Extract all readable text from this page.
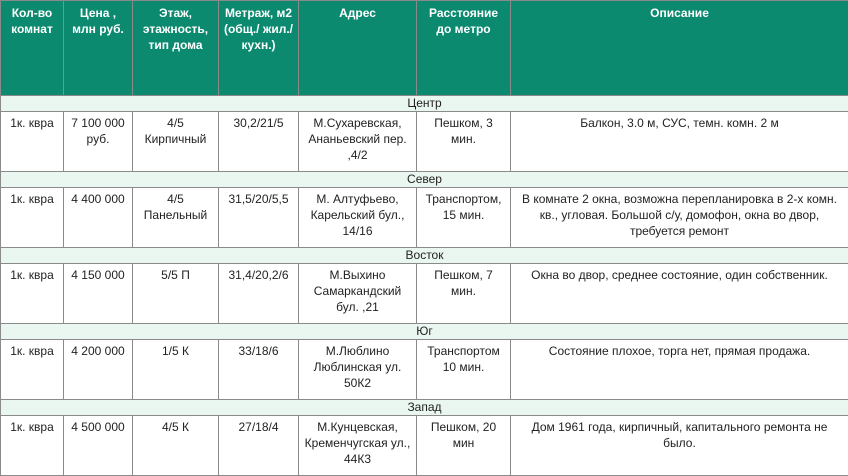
Кол-во комнат	Цена , млн руб.	Этаж, этажность, тип дома	Метраж, м2 (общ./ жил./ кухн.)	Адрес	Расстояние до метро	Описание
Центр						
1к. квра	7 100 000 руб.	4/5 Кирпичный	30,2/21/5	М.Сухаревская, Ананьевский пер. ,4/2	Пешком, 3 мин.	Балкон, 3.0 м, СУС, темн. комн. 2 м
Север						
1к. квра	4 400 000	4/5 Панельный	31,5/20/5,5	М. Алтуфьево, Карельский бул., 14/16	Транспортом, 15 мин.	В комнате 2 окна, возможна перепланировка в 2-х комн. кв., угловая. Большой с/у, домофон, окна во двор, требуется ремонт
Восток						
1к. квра	4 150 000	5/5 П	31,4/20,2/6	М.Выхино Самаркандский бул. ,21	Пешком, 7 мин.	Окна во двор, среднее состояние, один собственник.
Юг						
1к. квра	4 200 000	1/5 К	33/18/6	М.Люблино Люблинская ул. 50К2	Транспортом 10 мин.	Состояние плохое, торга нет, прямая продажа.
Запад						
1к. квра	4 500 000	4/5 К	27/18/4	М.Кунцевская, Кременчугская ул., 44К3	Пешком, 20 мин	Дом 1961 года, кирпичный, капитального ремонта не было.
